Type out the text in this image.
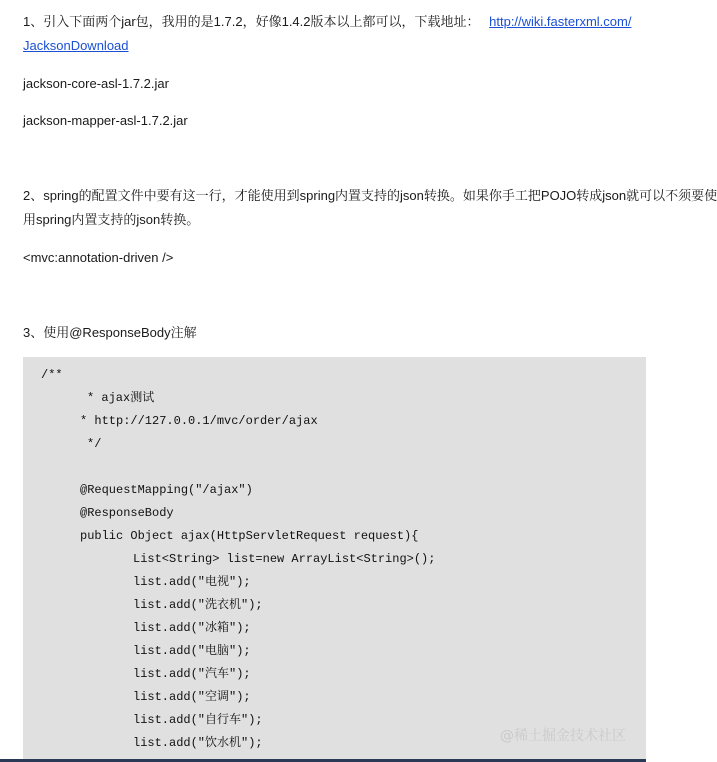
1、引入下面两个jar包，我用的是1.7.2，好像1.4.2版本以上都可以，下载地址： http://wiki.fasterxml.com/
JacksonDownload
jackson-core-asl-1.7.2.jar
jackson-mapper-asl-1.7.2.jar
2、spring的配置文件中要有这一行，才能使用到spring内置支持的json转换。如果你手工把POJO转成json就可以不须要使
用spring内置支持的json转换。
<mvc:annotation-driven />
3、使用@ResponseBody注解
/**
* ajax测试
* http://127.0.0.1/mvc/order/ajax
*/
@RequestMapping("/ajax")
@ResponseBody
public Object ajax(HttpServletRequest request){
List<String> list=new ArrayList<String>();
list.add("电视");
list.add("洗衣机");
list.add("冰箱");
list.add("电脑");
list.add("汽车");
list.add("空调");
list.add("自行车");
list.add("饮水机");	@稀土掘金技术社区
